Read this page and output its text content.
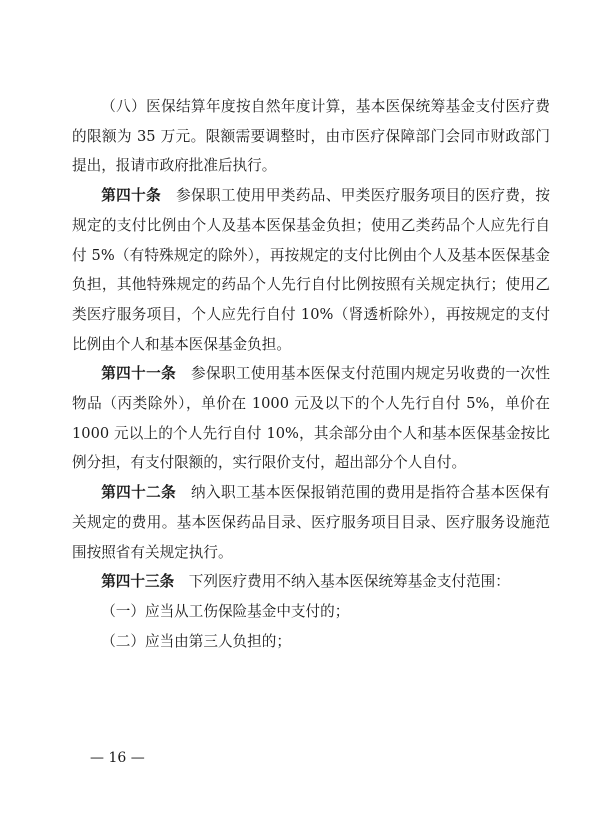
（八）医保结算年度按自然年度计算，基本医保统筹基金支付医疗费的限额为 35 万元。限额需要调整时，由市医疗保障部门会同市财政部门提出，报请市政府批准后执行。

第四十条　 参保职工使用甲类药品、甲类医疗服务项目的医疗费，按规定的支付比例由个人及基本医保基金负担；使用乙类药品个人应先行自付 5%（有特殊规定的除外），再按规定的支付比例由个人及基本医保基金负担，其他特殊规定的药品个人先行自付比例按照有关规定执行；使用乙类医疗服务项目，个人应先行自付 10%（肾透析除外），再按规定的支付比例由个人和基本医保基金负担。

第四十一条　 参保职工使用基本医保支付范围内规定另收费的一次性物品（丙类除外），单价在 1000 元及以下的个人先行自付 5%，单价在 1000 元以上的个人先行自付 10%，其余部分由个人和基本医保基金按比例分担，有支付限额的，实行限价支付，超出部分个人自付。

第四十二条　 纳入职工基本医保报销范围的费用是指符合基本医保有关规定的费用。基本医保药品目录、医疗服务项目目录、医疗服务设施范围按照省有关规定执行。

第四十三条　 下列医疗费用不纳入基本医保统筹基金支付范围：

（一）应当从工伤保险基金中支付的；

（二）应当由第三人负担的；

— 16 —
